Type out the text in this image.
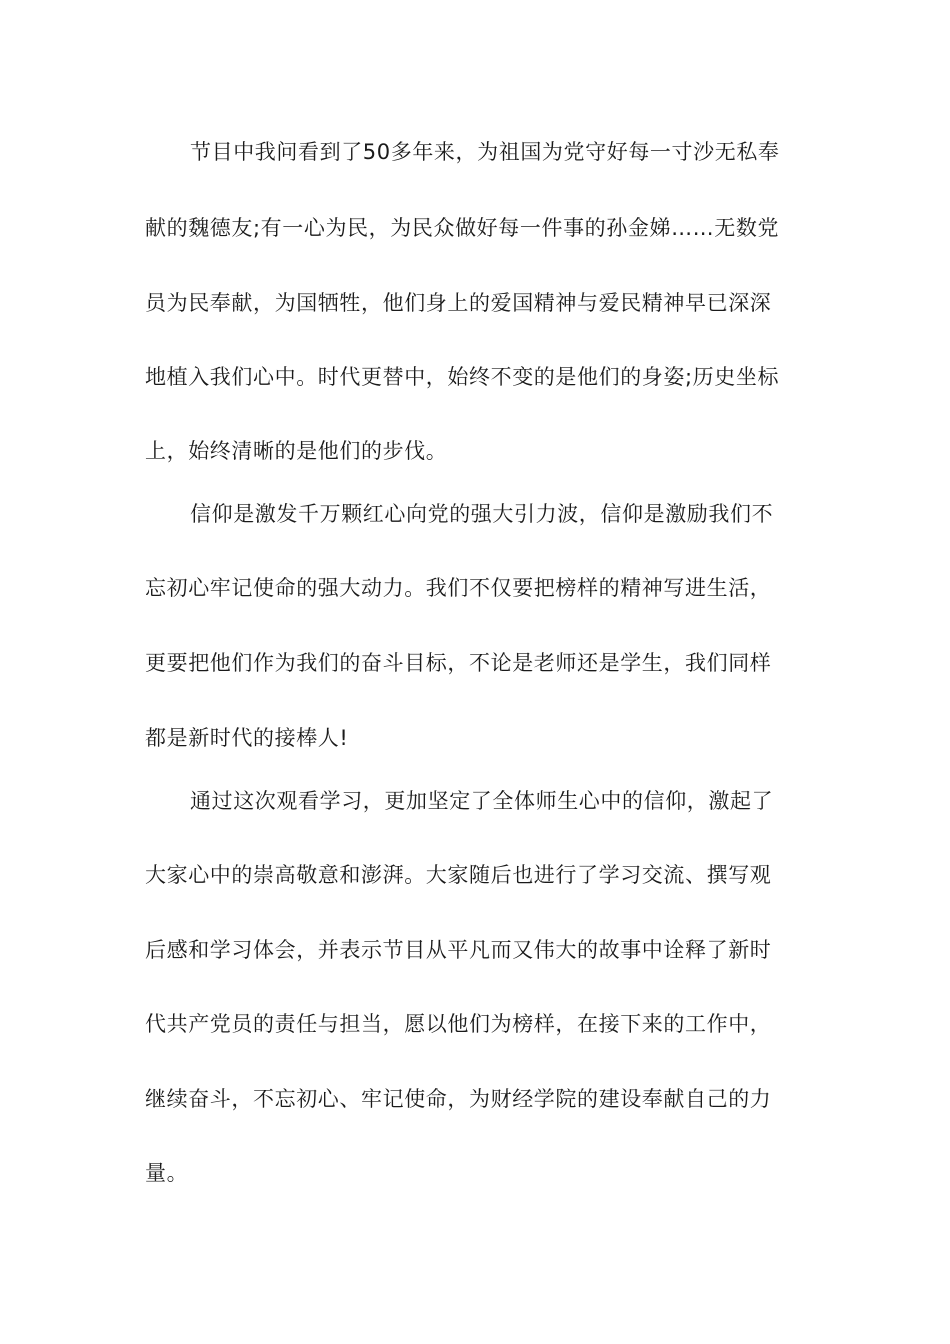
节目中我问看到了50多年来，为祖国为党守好每一寸沙无私奉
献的魏德友;有一心为民，为民众做好每一件事的孙金娣……无数党
员为民奉献，为国牺牲，他们身上的爱国精神与爱民精神早已深深
地植入我们心中。时代更替中，始终不变的是他们的身姿;历史坐标
上，始终清晰的是他们的步伐。
信仰是激发千万颗红心向党的强大引力波，信仰是激励我们不
忘初心牢记使命的强大动力。我们不仅要把榜样的精神写进生活，
更要把他们作为我们的奋斗目标，不论是老师还是学生，我们同样
都是新时代的接棒人!
通过这次观看学习，更加坚定了全体师生心中的信仰，激起了
大家心中的崇高敬意和澎湃。大家随后也进行了学习交流、撰写观
后感和学习体会，并表示节目从平凡而又伟大的故事中诠释了新时
代共产党员的责任与担当，愿以他们为榜样，在接下来的工作中，
继续奋斗，不忘初心、牢记使命，为财经学院的建设奉献自己的力
量。
